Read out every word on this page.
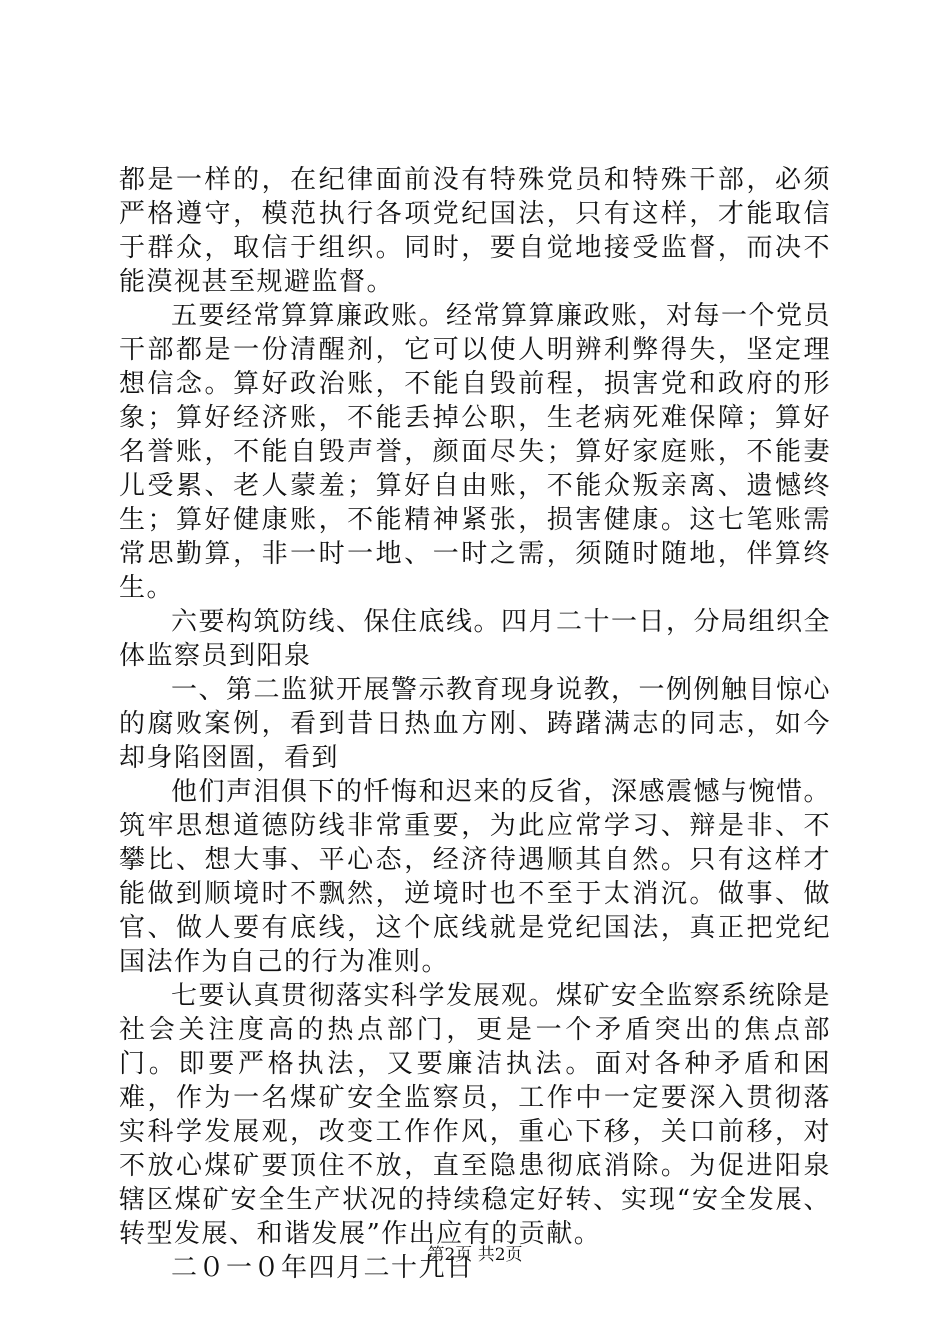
都是一样的，在纪律面前没有特殊党员和特殊干部，必须严格遵守，模范执行各项党纪国法，只有这样，才能取信于群众，取信于组织。同时，要自觉地接受监督，而决不能漠视甚至规避监督。

五要经常算算廉政账。经常算算廉政账，对每一个党员干部都是一份清醒剂，它可以使人明辨利弊得失，坚定理想信念。算好政治账，不能自毁前程，损害党和政府的形象；算好经济账，不能丢掉公职，生老病死难保障；算好名誉账，不能自毁声誉，颜面尽失；算好家庭账，不能妻儿受累、老人蒙羞；算好自由账，不能众叛亲离、遗憾终生；算好健康账，不能精神紧张，损害健康。这七笔账需常思勤算，非一时一地、一时之需，须随时随地，伴算终生。

六要构筑防线、保住底线。四月二十一日，分局组织全体监察员到阳泉

一、第二监狱开展警示教育现身说教，一例例触目惊心的腐败案例，看到昔日热血方刚、踌躇满志的同志，如今却身陷囹圄，看到

他们声泪俱下的忏悔和迟来的反省，深感震憾与惋惜。筑牢思想道德防线非常重要，为此应常学习、辩是非、不攀比、想大事、平心态，经济待遇顺其自然。只有这样才能做到顺境时不飘然，逆境时也不至于太消沉。做事、做官、做人要有底线，这个底线就是党纪国法，真正把党纪国法作为自己的行为准则。

七要认真贯彻落实科学发展观。煤矿安全监察系统除是社会关注度高的热点部门，更是一个矛盾突出的焦点部门。即要严格执法，又要廉洁执法。面对各种矛盾和困难，作为一名煤矿安全监察员，工作中一定要深入贯彻落实科学发展观，改变工作作风，重心下移，关口前移，对不放心煤矿要顶住不放，直至隐患彻底消除。为促进阳泉辖区煤矿安全生产状况的持续稳定好转、实现“安全发展、转型发展、和谐发展”作出应有的贡献。

二０一０年四月二十九日

第2页 共2页
